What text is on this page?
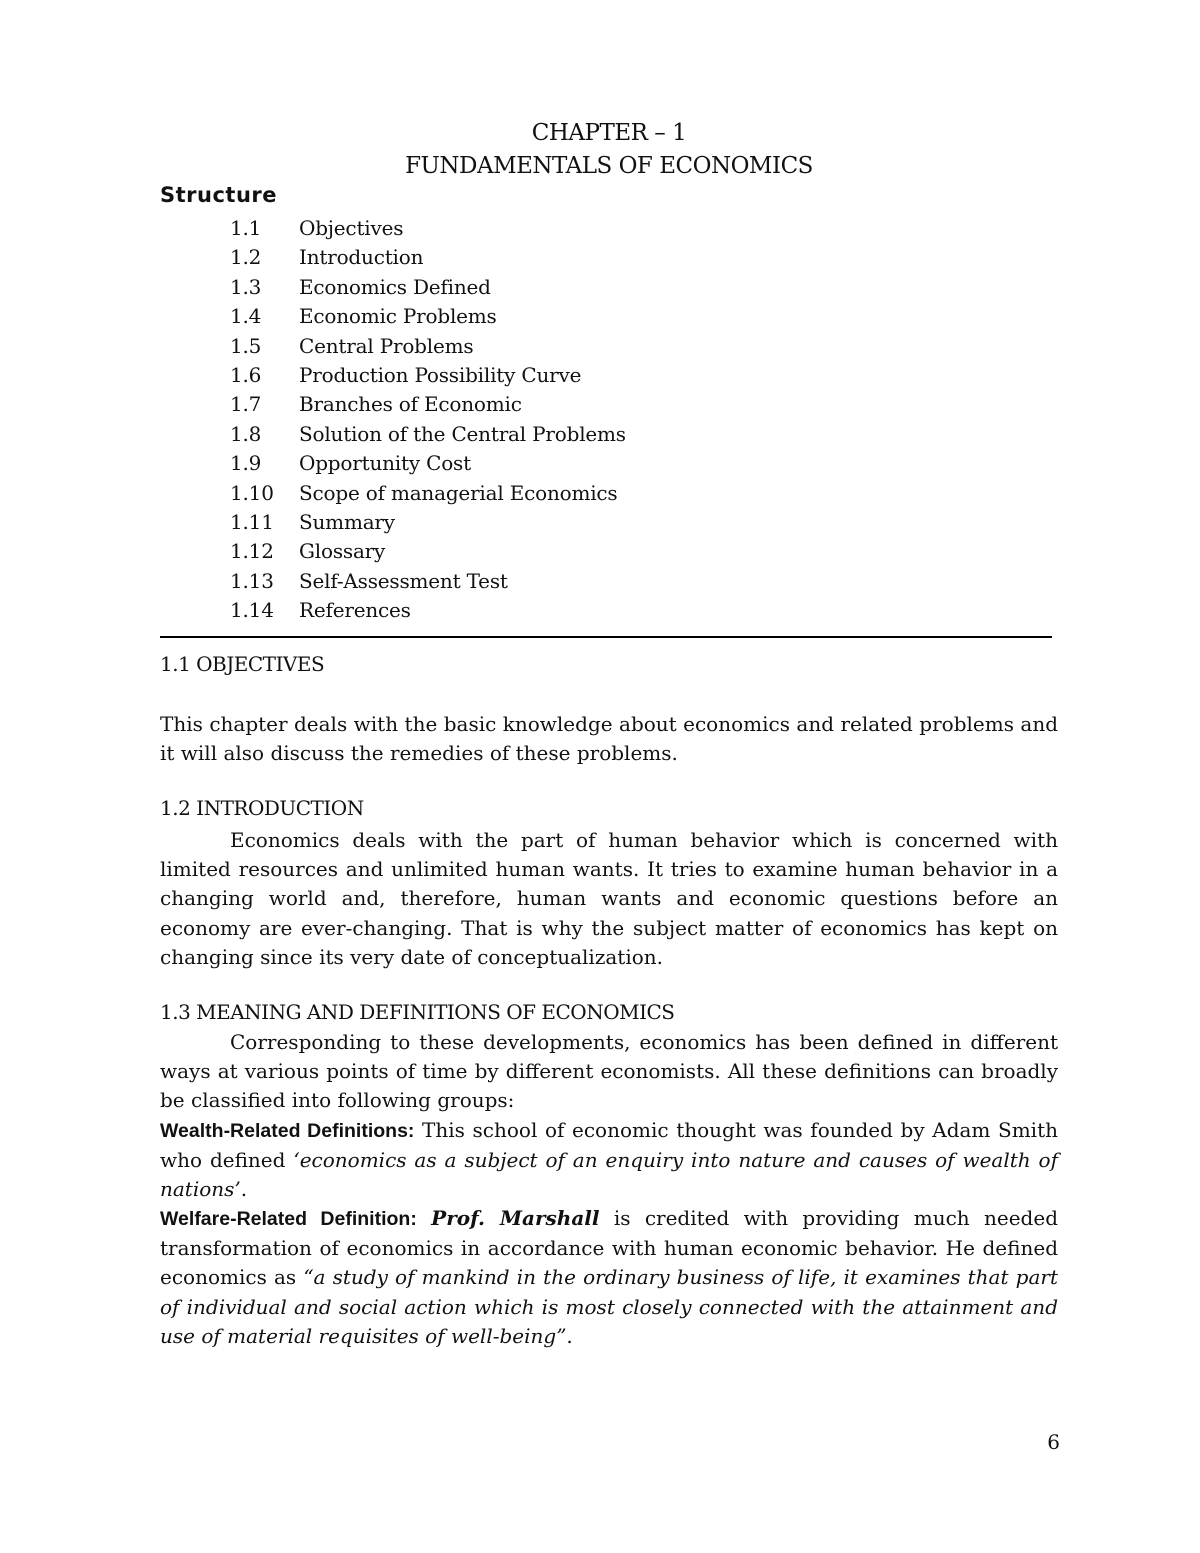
CHAPTER – 1
FUNDAMENTALS OF ECONOMICS
Structure
1.1 Objectives
1.2 Introduction
1.3 Economics Defined
1.4 Economic Problems
1.5 Central Problems
1.6 Production Possibility Curve
1.7 Branches of Economic
1.8 Solution of the Central Problems
1.9 Opportunity Cost
1.10 Scope of managerial Economics
1.11 Summary
1.12 Glossary
1.13 Self-Assessment Test
1.14 References
1.1 OBJECTIVES

This chapter deals with the basic knowledge about economics and related problems and it will also discuss the remedies of these problems.

1.2 INTRODUCTION

Economics deals with the part of human behavior which is concerned with limited resources and unlimited human wants. It tries to examine human behavior in a changing world and, therefore, human wants and economic questions before an economy are ever-changing. That is why the subject matter of economics has kept on changing since its very date of conceptualization.

1.3 MEANING AND DEFINITIONS OF ECONOMICS

Corresponding to these developments, economics has been defined in different ways at various points of time by different economists. All these definitions can broadly be classified into following groups:

Wealth-Related Definitions: This school of economic thought was founded by Adam Smith who defined ‘economics as a subject of an enquiry into nature and causes of wealth of nations’.

Welfare-Related Definition: Prof. Marshall is credited with providing much needed transformation of economics in accordance with human economic behavior. He defined economics as “a study of mankind in the ordinary business of life, it examines that part of individual and social action which is most closely connected with the attainment and use of material requisites of well-being”.

6
